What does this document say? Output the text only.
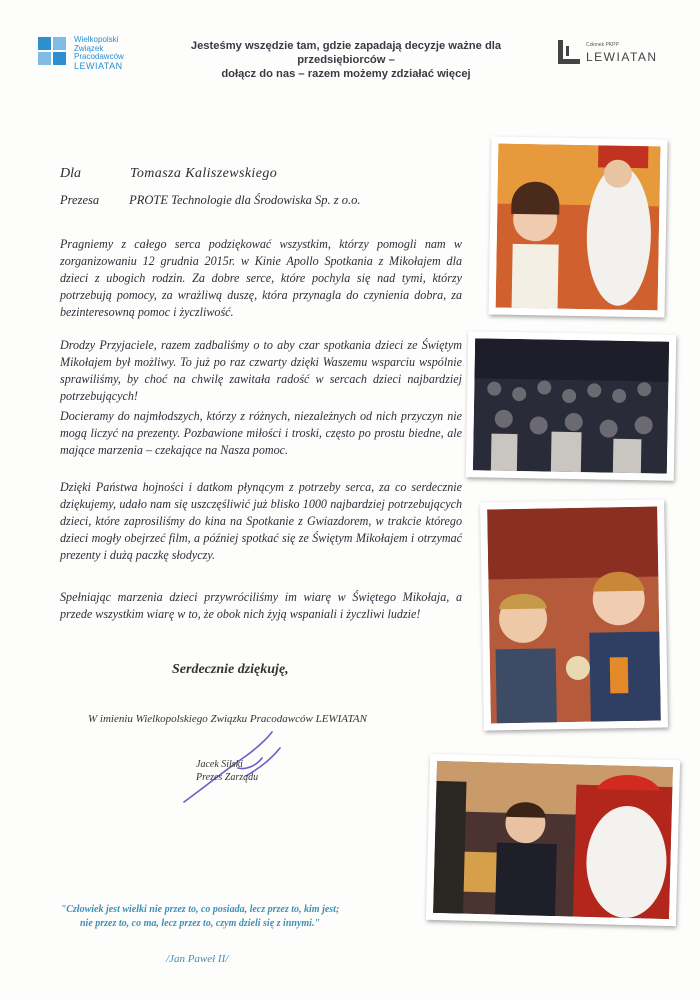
Wielkopolski
Związek
Pracodawców
LEWIATAN
Jesteśmy wszędzie tam, gdzie zapadają decyzje ważne dla przedsiębiorców –
dołącz do nas – razem możemy zdziałać więcej
Członek PKPP
LEWIATAN
Dla	Tomasza Kaliszewskiego
Prezesa PROTE Technologie dla Środowiska Sp. z o.o.
Pragniemy z całego serca podziękować wszystkim, którzy pomogli nam w zorganizowaniu 12 grudnia 2015r. w Kinie Apollo Spotkania z Mikołajem dla dzieci z ubogich rodzin. Za dobre serce, które pochyla się nad tymi, którzy potrzebują pomocy, za wrażliwą duszę, która przynagla do czynienia dobra, za bezinteresowną pomoc i życzliwość.
Drodzy Przyjaciele, razem zadbaliśmy o to aby czar spotkania dzieci ze Świętym Mikołajem był możliwy. To już po raz czwarty dzięki Waszemu wsparciu wspólnie sprawiliśmy, by choć na chwilę zawitała radość w sercach dzieci najbardziej potrzebujących!
Docieramy do najmłodszych, którzy z różnych, niezależnych od nich przyczyn nie mogą liczyć na prezenty. Pozbawione miłości i troski, często po prostu biedne, ale mające marzenia – czekające na Nasza pomoc.
Dzięki Państwa hojności i datkom płynącym z potrzeby serca, za co serdecznie dziękujemy, udało nam się uszczęśliwić już blisko 1000 najbardziej potrzebujących dzieci, które zaprosiliśmy do kina na Spotkanie z Gwiazdorem, w trakcie którego dzieci mogły obejrzeć film, a później spotkać się ze Świętym Mikołajem i otrzymać prezenty i dużą paczkę słodyczy.
Spełniając marzenia dzieci przywróciliśmy im wiarę w Świętego Mikołaja, a przede wszystkim wiarę w to, że obok nich żyją wspaniali i życzliwi ludzie!
Serdecznie dziękuję,
W imieniu Wielkopolskiego Związku Pracodawców LEWIATAN
Jacek Silski
Prezes Zarządu
"Człowiek jest wielki nie przez to, co posiada, lecz przez to, kim jest;
nie przez to, co ma, lecz przez to, czym dzieli się z innymi."
/Jan Paweł II/
